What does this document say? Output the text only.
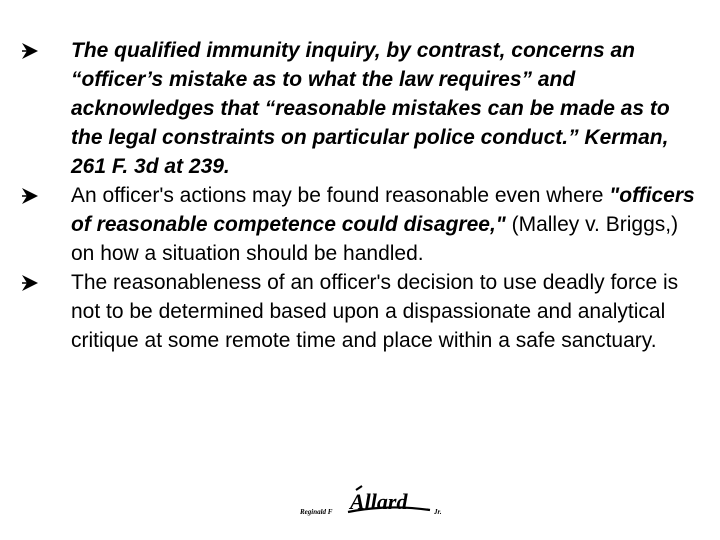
The qualified immunity inquiry, by contrast, concerns an “officer’s mistake as to what the law requires” and acknowledges that “reasonable mistakes can be made as to the legal constraints on particular police conduct.” Kerman, 261 F. 3d at 239.
An officer's actions may be found reasonable even where "officers of reasonable competence could disagree," (Malley v. Briggs,) on how a situation should be handled.
The reasonableness of an officer's decision to use deadly force is not to be determined based upon a dispassionate and analytical critique at some remote time and place within a safe sanctuary.
Reginald F Allard	Jr.
